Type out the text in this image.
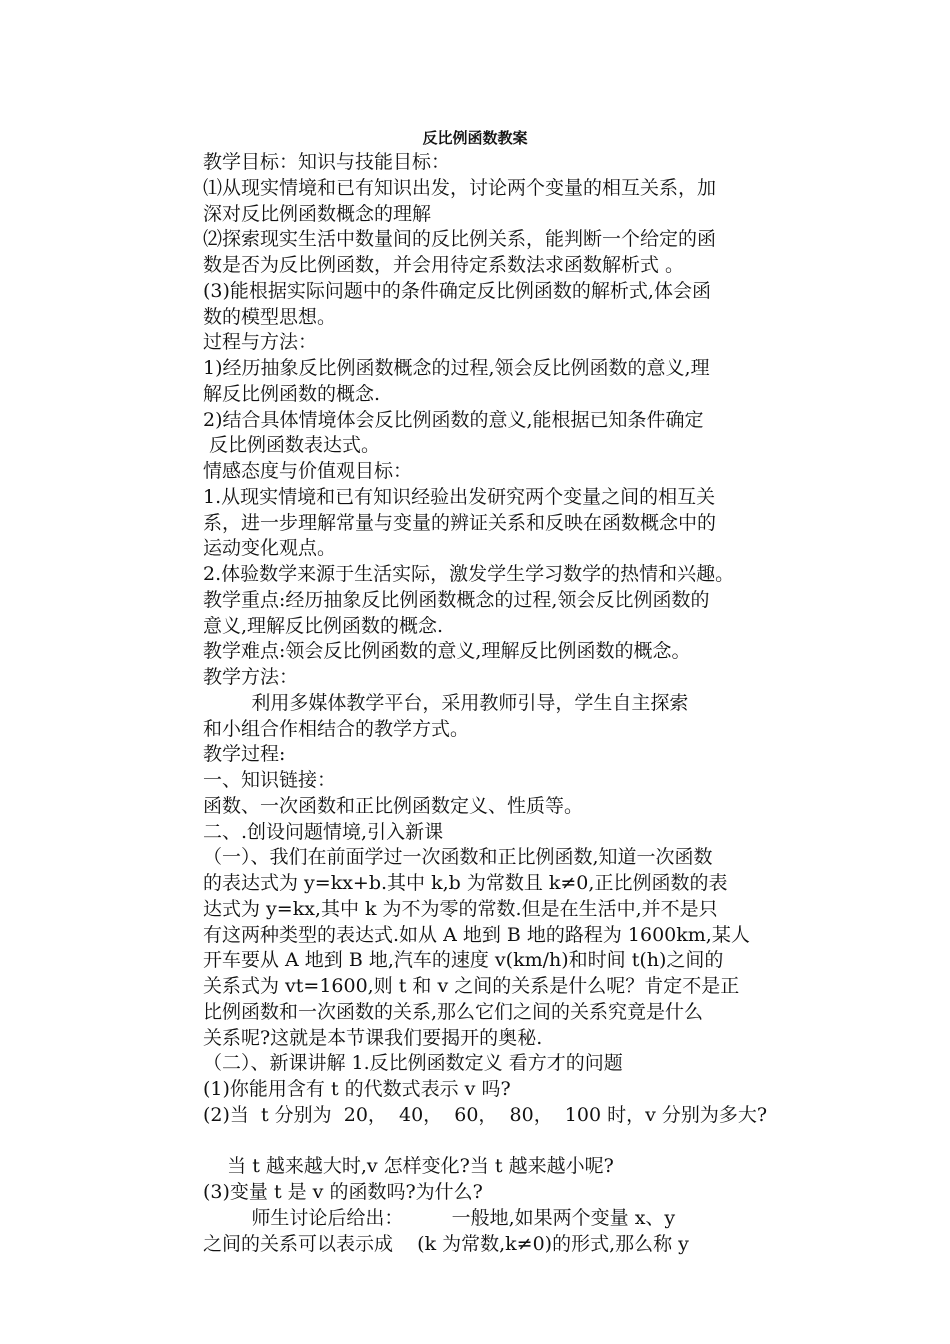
反比例函数教案
教学目标：知识与技能目标：
⑴从现实情境和已有知识出发，讨论两个变量的相互关系，加
深对反比例函数概念的理解
⑵探索现实生活中数量间的反比例关系，能判断一个给定的函
数是否为反比例函数，并会用待定系数法求函数解析式 。
(3)能根据实际问题中的条件确定反比例函数的解析式,体会函
数的模型思想。
过程与方法：
1)经历抽象反比例函数概念的过程,领会反比例函数的意义,理
解反比例函数的概念.
2)结合具体情境体会反比例函数的意义,能根据已知条件确定
反比例函数表达式。
情感态度与价值观目标：
1.从现实情境和已有知识经验出发研究两个变量之间的相互关
系，进一步理解常量与变量的辨证关系和反映在函数概念中的
运动变化观点。
2.体验数学来源于生活实际，激发学生学习数学的热情和兴趣。
教学重点:经历抽象反比例函数概念的过程,领会反比例函数的
意义,理解反比例函数的概念.
教学难点:领会反比例函数的意义,理解反比例函数的概念。
教学方法：
利用多媒体教学平台，采用教师引导，学生自主探索
和小组合作相结合的教学方式。
教学过程:
一、知识链接：
函数、一次函数和正比例函数定义、性质等。
二、.创设问题情境,引入新课
（一）、我们在前面学过一次函数和正比例函数,知道一次函数
的表达式为 y=kx+b.其中 k,b 为常数且 k≠0,正比例函数的表
达式为 y=kx,其中 k 为不为零的常数.但是在生活中,并不是只
有这两种类型的表达式.如从 A 地到 B 地的路程为 1600km,某人
开车要从 A 地到 B 地,汽车的速度 v(km/h)和时间 t(h)之间的
关系式为 vt=1600,则 t 和 v 之间的关系是什么呢？肯定不是正
比例函数和一次函数的关系,那么它们之间的关系究竟是什么
关系呢?这就是本节课我们要揭开的奥秘.
（二）、新课讲解 1.反比例函数定义 看方才的问题
(1)你能用含有 t 的代数式表示 v 吗?
(2)当  t 分别为  20，  40，  60，  80，  100 时，v 分别为多大?
当 t 越来越大时,v 怎样变化?当 t 越来越小呢?
(3)变量 t 是 v 的函数吗?为什么?
师生讨论后给出：        一般地,如果两个变量 x、y
之间的关系可以表示成    (k 为常数,k≠0)的形式,那么称 y
